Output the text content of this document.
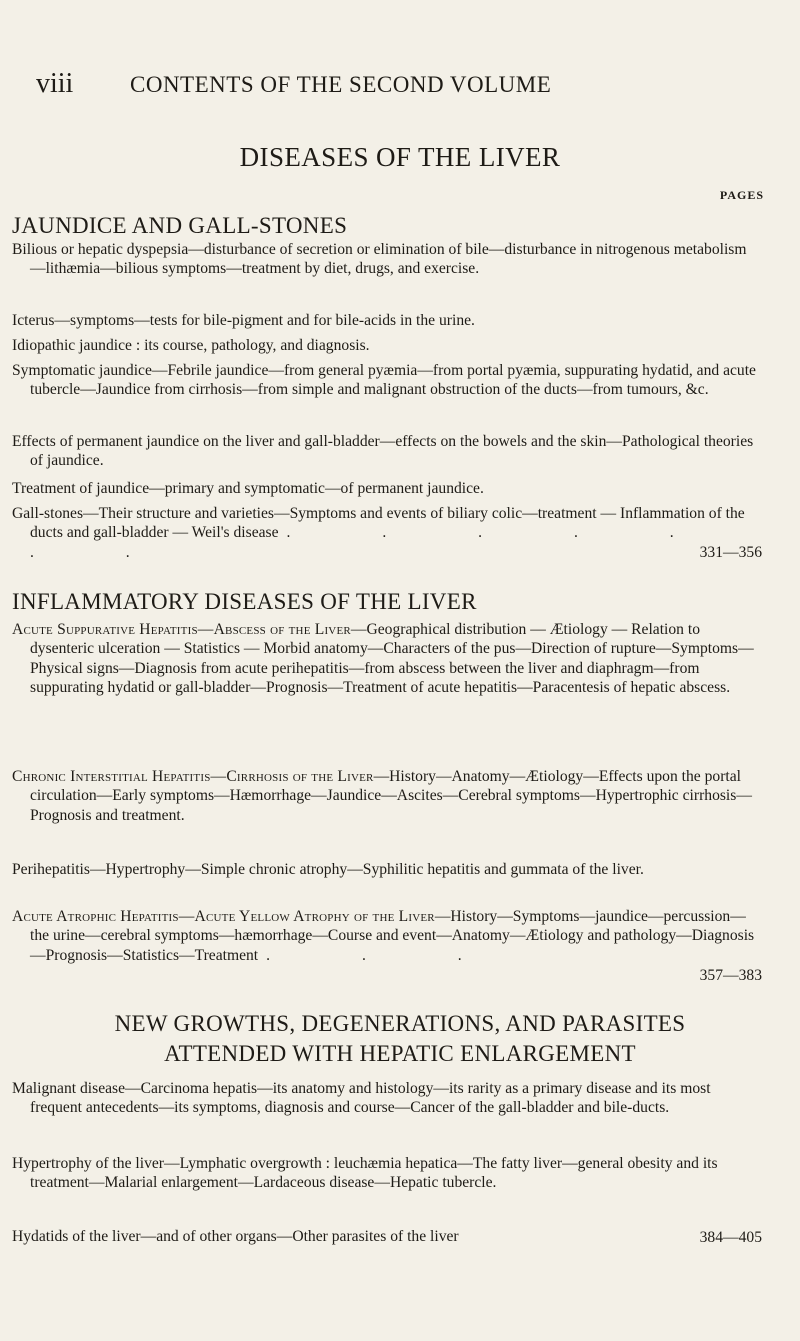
viii CONTENTS OF THE SECOND VOLUME
DISEASES OF THE LIVER
PAGES
JAUNDICE AND GALL-STONES

Bilious or hepatic dyspepsia—disturbance of secretion or elimination of bile—disturbance in nitrogenous metabolism—lithæmia—bilious symptoms—treatment by diet, drugs, and exercise.

Icterus—symptoms—tests for bile-pigment and for bile-acids in the urine.

Idiopathic jaundice : its course, pathology, and diagnosis.

Symptomatic jaundice—Febrile jaundice—from general pyæmia—from portal pyæmia, suppurating hydatid, and acute tubercle—Jaundice from cirrhosis—from simple and malignant obstruction of the ducts—from tumours, &c.

Effects of permanent jaundice on the liver and gall-bladder—effects on the bowels and the skin—Pathological theories of jaundice.

Treatment of jaundice—primary and symptomatic—of permanent jaundice.

Gall-stones—Their structure and varieties—Symptoms and events of biliary colic—treatment — Inflammation of the ducts and gall-bladder — Weil's disease . . . . . . .	331—356
INFLAMMATORY DISEASES OF THE LIVER

Acute Suppurative Hepatitis—Abscess of the Liver—Geographical distribution — Ætiology — Relation to dysenteric ulceration — Statistics — Morbid anatomy—Characters of the pus—Direction of rupture—Symptoms—Physical signs—Diagnosis from acute perihepatitis—from abscess between the liver and diaphragm—from suppurating hydatid or gall-bladder—Prognosis—Treatment of acute hepatitis—Paracentesis of hepatic abscess.

Chronic Interstitial Hepatitis—Cirrhosis of the Liver—History—Anatomy—Ætiology—Effects upon the portal circulation—Early symptoms—Hæmorrhage—Jaundice—Ascites—Cerebral symptoms—Hypertrophic cirrhosis—Prognosis and treatment.

Perihepatitis—Hypertrophy—Simple chronic atrophy—Syphilitic hepatitis and gummata of the liver.

Acute Atrophic Hepatitis—Acute Yellow Atrophy of the Liver—History—Symptoms—jaundice—percussion—the urine—cerebral symptoms—hæmorrhage—Course and event—Anatomy—Ætiology and pathology—Diagnosis—Prognosis—Statistics—Treatment . . .
357—383
NEW GROWTHS, DEGENERATIONS, AND PARASITES
ATTENDED WITH HEPATIC ENLARGEMENT

Malignant disease—Carcinoma hepatis—its anatomy and histology—its rarity as a primary disease and its most frequent antecedents—its symptoms, diagnosis and course—Cancer of the gall-bladder and bile-ducts.

Hypertrophy of the liver—Lymphatic overgrowth : leuchæmia hepatica—The fatty liver—general obesity and its treatment—Malarial enlargement—Lardaceous disease—Hepatic tubercle.

Hydatids of the liver—and of other organs—Other parasites of the liver	384—405
